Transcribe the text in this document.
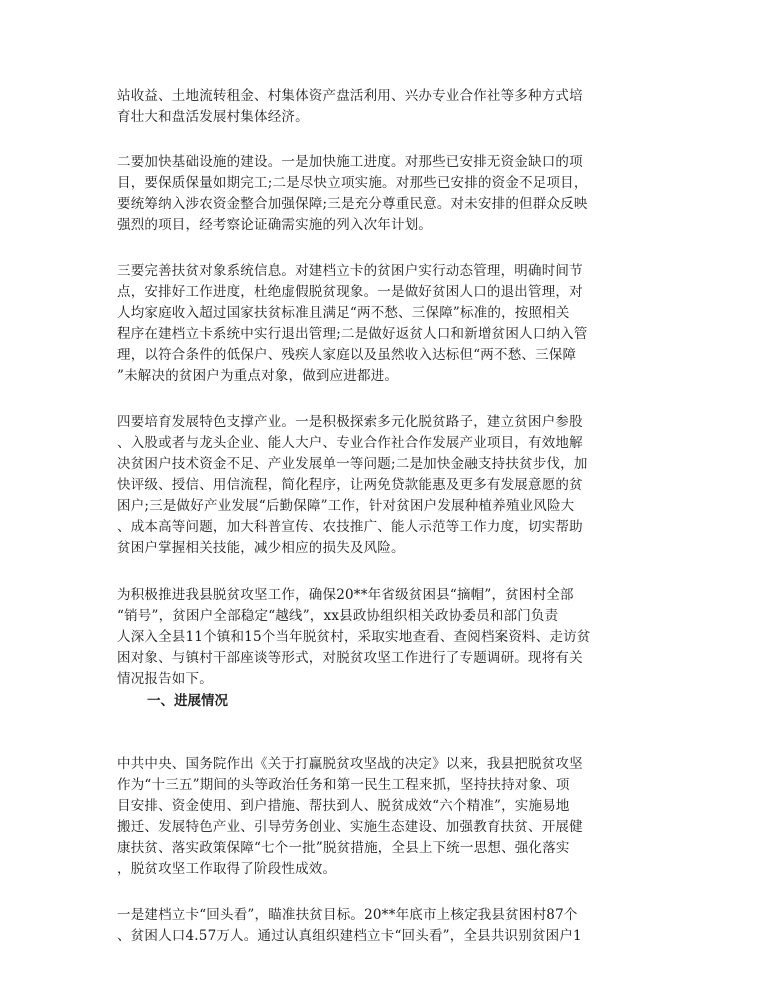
站收益、土地流转租金、村集体资产盘活利用、兴办专业合作社等多种方式培
育壮大和盘活发展村集体经济。

二要加快基础设施的建设。一是加快施工进度。对那些已安排无资金缺口的项
目，要保质保量如期完工;二是尽快立项实施。对那些已安排的资金不足项目，
要统筹纳入涉农资金整合加强保障;三是充分尊重民意。对未安排的但群众反映
强烈的项目，经考察论证确需实施的列入次年计划。

三要完善扶贫对象系统信息。对建档立卡的贫困户实行动态管理，明确时间节
点，安排好工作进度，杜绝虚假脱贫现象。一是做好贫困人口的退出管理，对
人均家庭收入超过国家扶贫标准且满足“两不愁、三保障”标准的，按照相关
程序在建档立卡系统中实行退出管理;二是做好返贫人口和新增贫困人口纳入管
理，以符合条件的低保户、残疾人家庭以及虽然收入达标但“两不愁、三保障
”未解决的贫困户为重点对象，做到应进都进。

四要培育发展特色支撑产业。一是积极探索多元化脱贫路子，建立贫困户参股
、入股或者与龙头企业、能人大户、专业合作社合作发展产业项目，有效地解
决贫困户技术资金不足、产业发展单一等问题;二是加快金融支持扶贫步伐，加
快评级、授信、用信流程，简化程序，让两免贷款能惠及更多有发展意愿的贫
困户;三是做好产业发展“后勤保障”工作，针对贫困户发展种植养殖业风险大
、成本高等问题，加大科普宣传、农技推广、能人示范等工作力度，切实帮助
贫困户掌握相关技能，减少相应的损失及风险。

为积极推进我县脱贫攻坚工作，确保20**年省级贫困县“摘帽”，贫困村全部
“销号”，贫困户全部稳定“越线”，xx县政协组织相关政协委员和部门负责
人深入全县11个镇和15个当年脱贫村，采取实地查看、查阅档案资料、走访贫
困对象、与镇村干部座谈等形式，对脱贫攻坚工作进行了专题调研。现将有关
情况报告如下。

一、进展情况

中共中央、国务院作出《关于打赢脱贫攻坚战的决定》以来，我县把脱贫攻坚
作为“十三五”期间的头等政治任务和第一民生工程来抓，坚持扶持对象、项
目安排、资金使用、到户措施、帮扶到人、脱贫成效“六个精准”，实施易地
搬迁、发展特色产业、引导劳务创业、实施生态建设、加强教育扶贫、开展健
康扶贫、落实政策保障“七个一批”脱贫措施，全县上下统一思想、强化落实
，脱贫攻坚工作取得了阶段性成效。

一是建档立卡“回头看”，瞄准扶贫目标。20**年底市上核定我县贫困村87个
、贫困人口4.57万人。通过认真组织建档立卡“回头看”，全县共识别贫困户1
